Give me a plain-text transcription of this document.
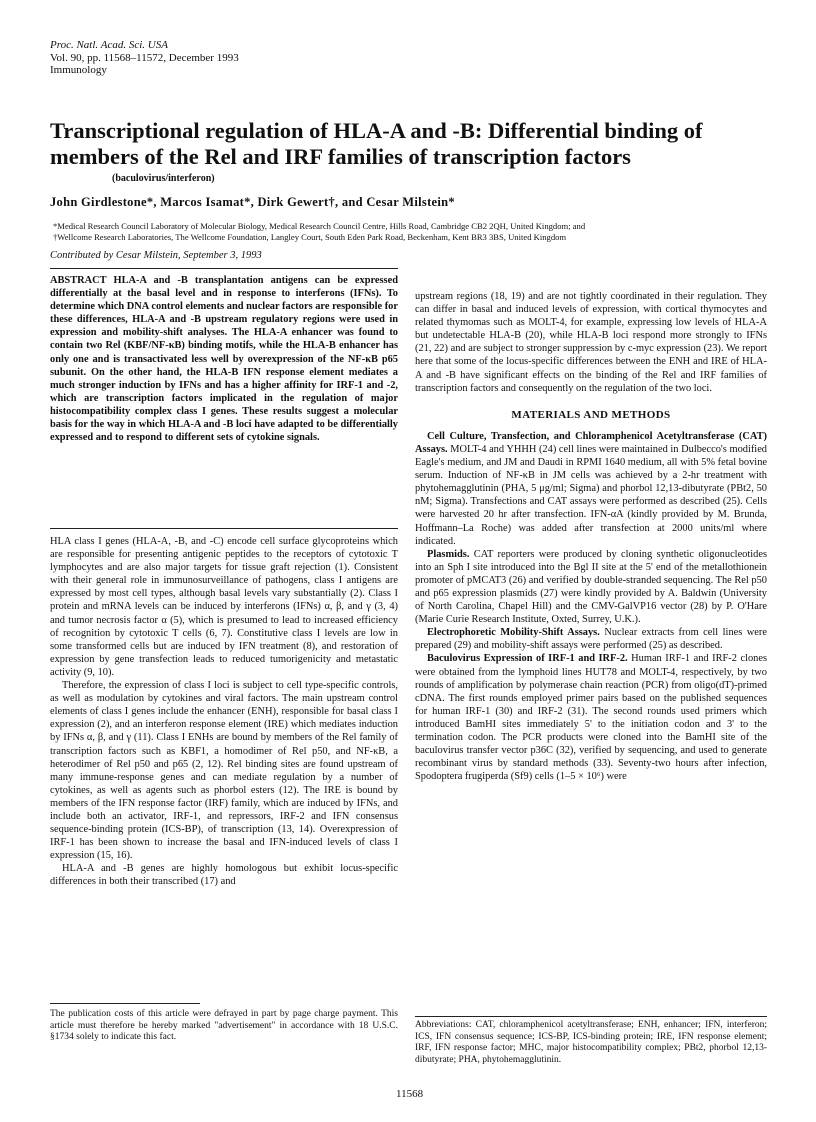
Proc. Natl. Acad. Sci. USA
Vol. 90, pp. 11568–11572, December 1993
Immunology
Transcriptional regulation of HLA-A and -B: Differential binding of members of the Rel and IRF families of transcription factors
(baculovirus/interferon)
John Girdlestone*, Marcos Isamat*, Dirk Gewert†, and Cesar Milstein*
*Medical Research Council Laboratory of Molecular Biology, Medical Research Council Centre, Hills Road, Cambridge CB2 2QH, United Kingdom; and
†Wellcome Research Laboratories, The Wellcome Foundation, Langley Court, South Eden Park Road, Beckenham, Kent BR3 3BS, United Kingdom
Contributed by Cesar Milstein, September 3, 1993
ABSTRACT HLA-A and -B transplantation antigens can be expressed differentially at the basal level and in response to interferons (IFNs). To determine which DNA control elements and nuclear factors are responsible for these differences, HLA-A and -B upstream regulatory regions were used in expression and mobility-shift analyses. The HLA-A enhancer was found to contain two Rel (KBF/NF-κB) binding motifs, while the HLA-B enhancer has only one and is transactivated less well by overexpression of the NF-κB p65 subunit. On the other hand, the HLA-B IFN response element mediates a much stronger induction by IFNs and has a higher affinity for IRF-1 and -2, which are transcription factors implicated in the regulation of major histocompatibility complex class I genes. These results suggest a molecular basis for the way in which HLA-A and -B loci have adapted to be differentially expressed and to respond to different sets of cytokine signals.

HLA class I genes (HLA-A, -B, and -C) encode cell surface glycoproteins which are responsible for presenting antigenic peptides to the receptors of cytotoxic T lymphocytes and are also major targets for tissue graft rejection (1). Consistent with their general role in immunosurveillance of pathogens, class I antigens are expressed by most cell types, although basal levels vary substantially (2). Class I protein and mRNA levels can be induced by interferons (IFNs) α, β, and γ (3, 4) and tumor necrosis factor α (5), which is presumed to lead to increased efficiency of recognition by cytotoxic T cells (6, 7). Constitutive class I levels are low in some transformed cells but are induced by IFN treatment (8), and restoration of expression by gene transfection leads to reduced tumorigenicity and metastatic activity (9, 10).

Therefore, the expression of class I loci is subject to cell type-specific controls, as well as modulation by cytokines and viral factors. The main upstream control elements of class I genes include the enhancer (ENH), responsible for basal class I expression (2), and an interferon response element (IRE) which mediates induction by IFNs α, β, and γ (11). Class I ENHs are bound by members of the Rel family of transcription factors such as KBF1, a homodimer of Rel p50, and NF-κB, a heterodimer of Rel p50 and p65 (2, 12). Rel binding sites are found upstream of many immune-response genes and can mediate regulation by a number of cytokines, as well as agents such as phorbol esters (12). The IRE is bound by members of the IFN response factor (IRF) family, which are induced by IFNs, and include both an activator, IRF-1, and repressors, IRF-2 and IFN consensus sequence-binding protein (ICS-BP), of transcription (13, 14). Overexpression of IRF-1 has been shown to increase the basal and IFN-induced levels of class I expression (15, 16).

HLA-A and -B genes are highly homologous but exhibit locus-specific differences in both their transcribed (17) and

upstream regions (18, 19) and are not tightly coordinated in their regulation. They can differ in basal and induced levels of expression, with cortical thymocytes and related thymomas such as MOLT-4, for example, expressing low levels of HLA-A but undetectable HLA-B (20), while HLA-B loci respond more strongly to IFNs (21, 22) and are subject to stronger suppression by c-myc expression (23). We report here that some of the locus-specific differences between the ENH and IRE of HLA-A and -B have significant effects on the binding of the Rel and IRF families of transcription factors and consequently on the regulation of the two loci.

MATERIALS AND METHODS

Cell Culture, Transfection, and Chloramphenicol Acetyltransferase (CAT) Assays. MOLT-4 and YHHH (24) cell lines were maintained in Dulbecco's modified Eagle's medium, and JM and Daudi in RPMI 1640 medium, all with 5% fetal bovine serum. Induction of NF-κB in JM cells was achieved by a 2-hr treatment with phytohemagglutinin (PHA, 5 μg/ml; Sigma) and phorbol 12,13-dibutyrate (PBt2, 50 nM; Sigma). Transfections and CAT assays were performed as described (25). Cells were harvested 20 hr after transfection. IFN-αA (kindly provided by M. Brunda, Hoffmann–La Roche) was added after transfection at 2000 units/ml where indicated.

Plasmids. CAT reporters were produced by cloning synthetic oligonucleotides into an Sph I site introduced into the Bgl II site at the 5' end of the metallothionein promoter of pMCAT3 (26) and verified by double-stranded sequencing. The Rel p50 and p65 expression plasmids (27) were kindly provided by A. Baldwin (University of North Carolina, Chapel Hill) and the CMV-GalVP16 vector (28) by P. O'Hare (Marie Curie Research Institute, Oxted, Surrey, U.K.).

Electrophoretic Mobility-Shift Assays. Nuclear extracts from cell lines were prepared (29) and mobility-shift assays were performed (25) as described.

Baculovirus Expression of IRF-1 and IRF-2. Human IRF-1 and IRF-2 clones were obtained from the lymphoid lines HUT78 and MOLT-4, respectively, by two rounds of amplification by polymerase chain reaction (PCR) from oligo(dT)-primed cDNA. The first rounds employed primer pairs based on the published sequences for human IRF-1 (30) and IRF-2 (31). The second rounds used primers which introduced BamHI sites immediately 5' to the initiation codon and 3' to the termination codon. The PCR products were cloned into the BamHI site of the baculovirus transfer vector p36C (32), verified by sequencing, and used to generate recombinant virus by standard methods (33). Seventy-two hours after infection, Spodoptera frugiperda (Sf9) cells (1–5 × 10⁶) were

The publication costs of this article were defrayed in part by page charge payment. This article must therefore be hereby marked "advertisement" in accordance with 18 U.S.C. §1734 solely to indicate this fact.
Abbreviations: CAT, chloramphenicol acetyltransferase; ENH, enhancer; IFN, interferon; ICS, IFN consensus sequence; ICS-BP, ICS-binding protein; IRE, IFN response element; IRF, IFN response factor; MHC, major histocompatibility complex; PBt2, phorbol 12,13-dibutyrate; PHA, phytohemagglutinin.
11568
